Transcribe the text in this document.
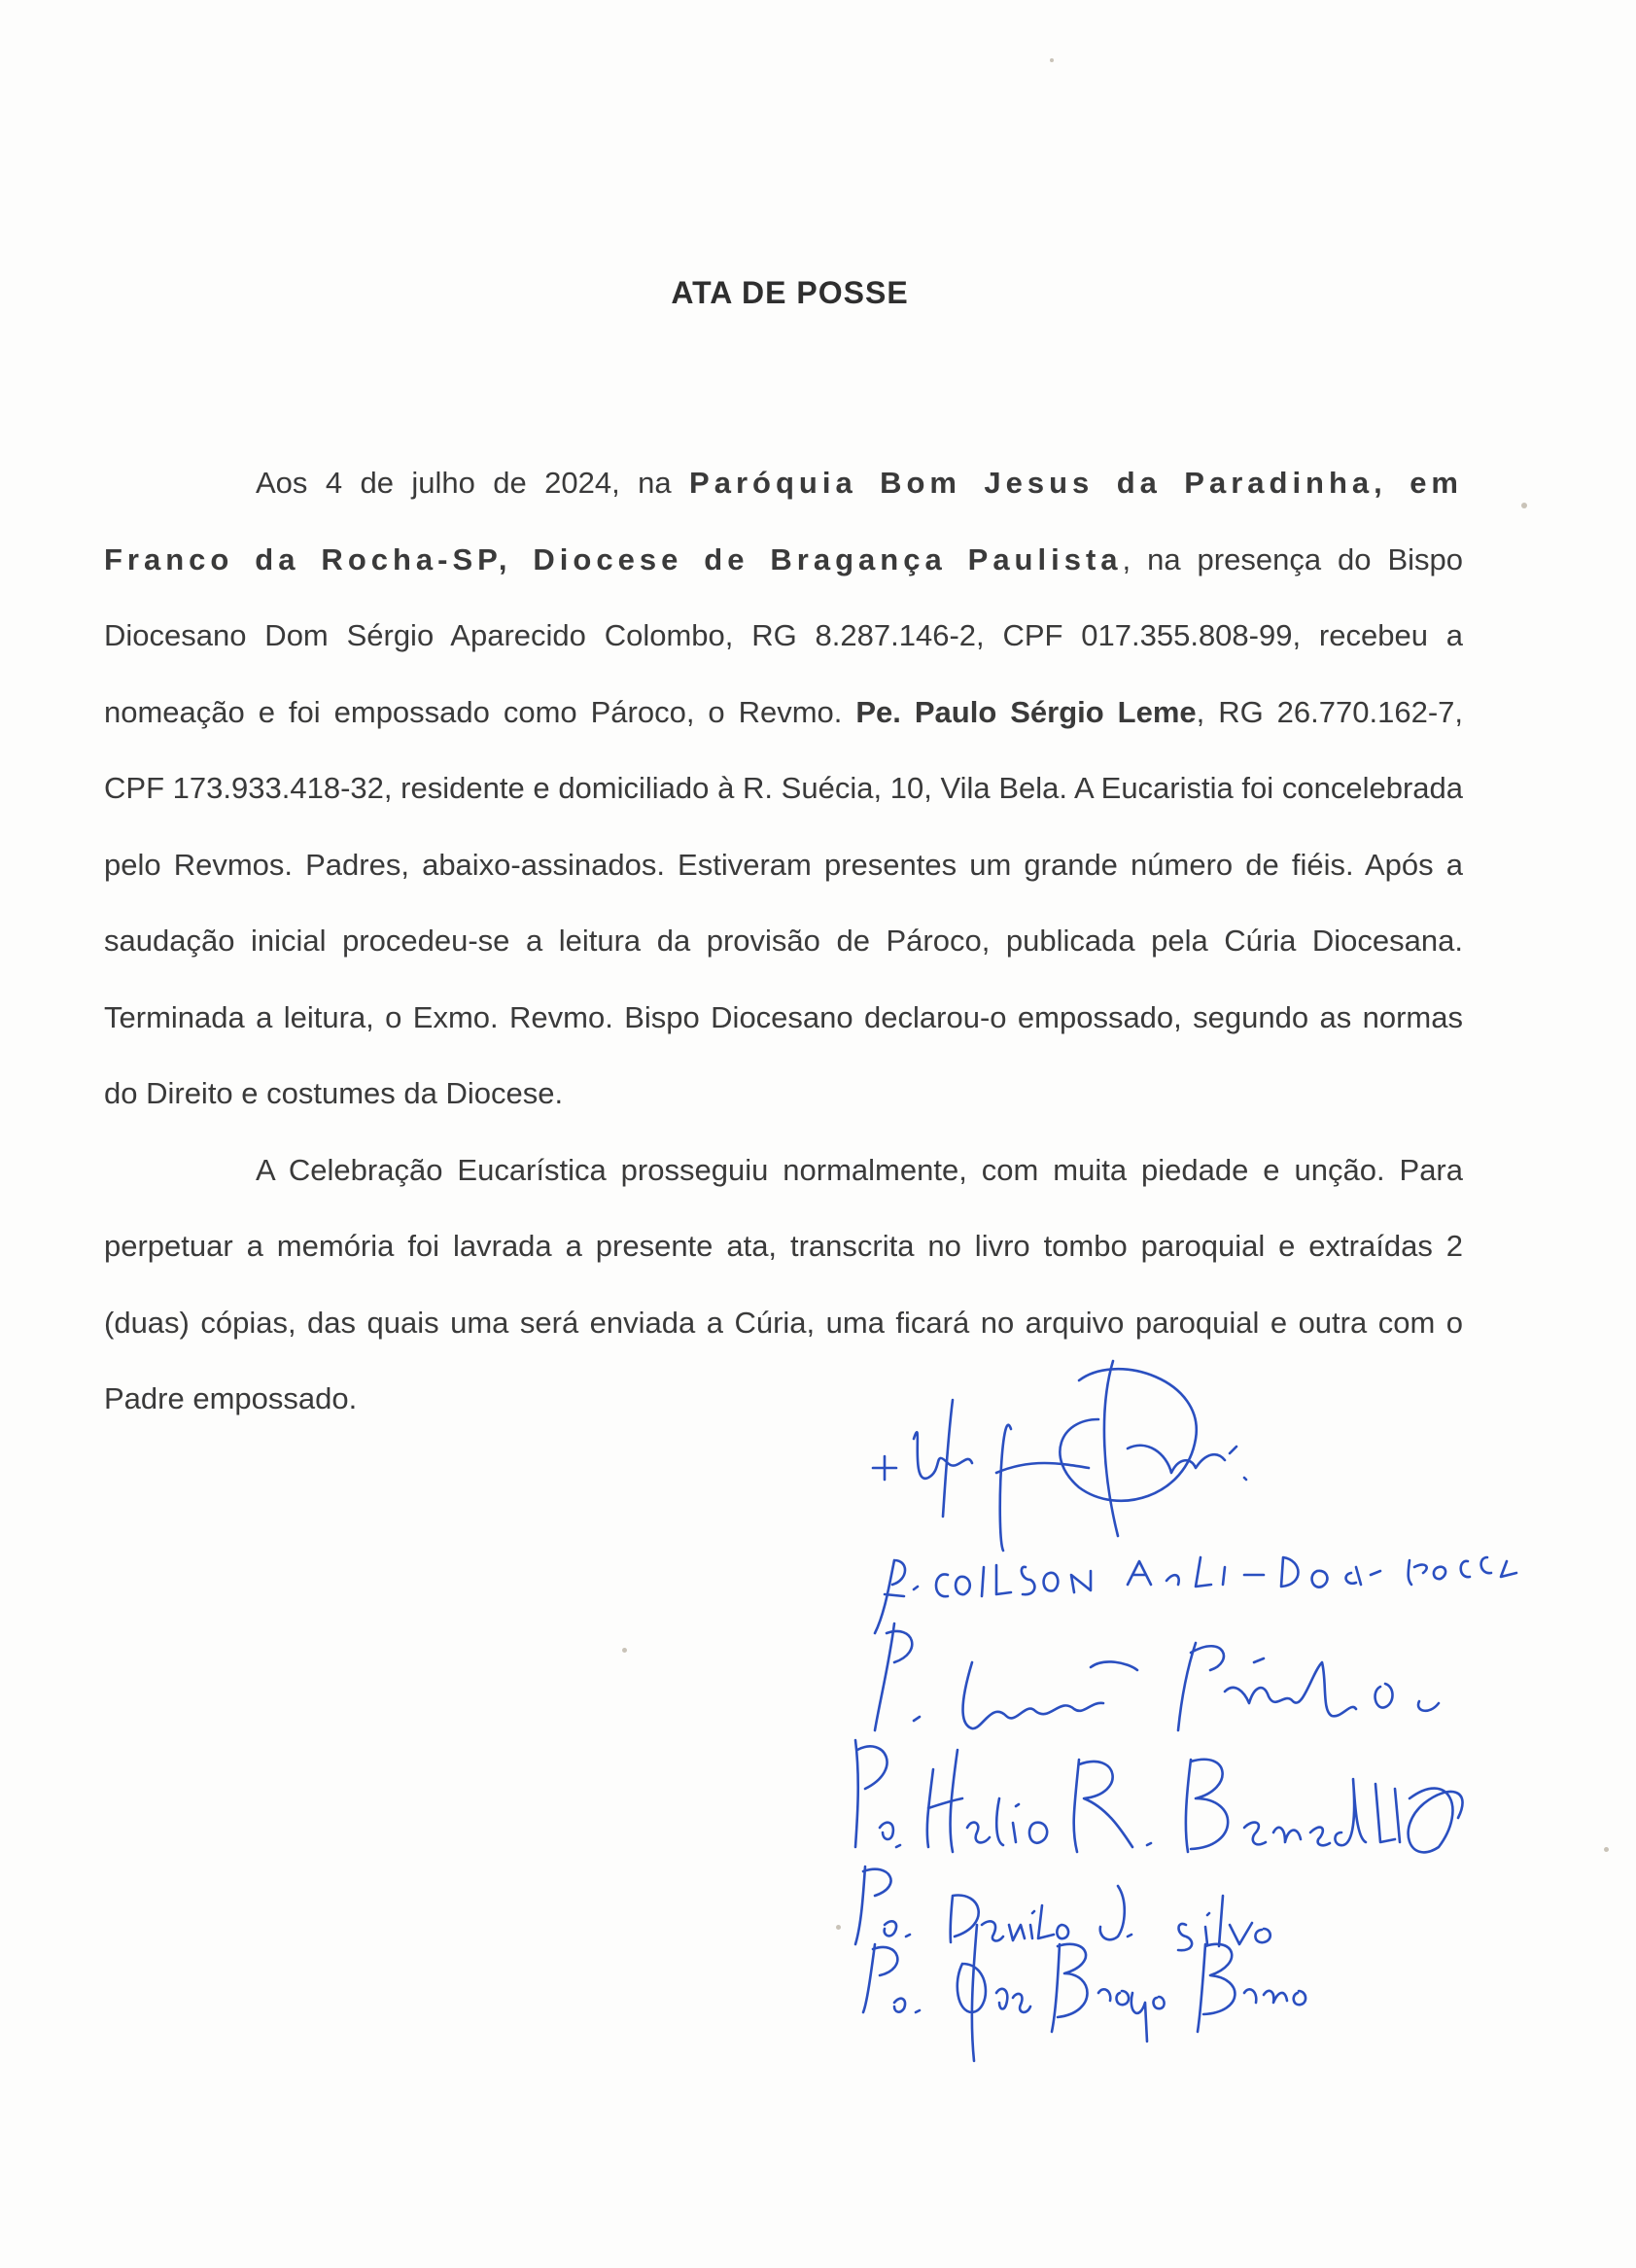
ATA DE POSSE

Aos 4 de julho de 2024, na Paróquia Bom Jesus da Paradinha, em Franco da Rocha-SP, Diocese de Bragança Paulista, na presença do Bispo Diocesano Dom Sérgio Aparecido Colombo, RG 8.287.146-2, CPF 017.355.808-99, recebeu a nomeação e foi empossado como Pároco, o Revmo. Pe. Paulo Sérgio Leme, RG 26.770.162-7, CPF 173.933.418-32, residente e domiciliado à R. Suécia, 10, Vila Bela. A Eucaristia foi concelebrada pelo Revmos. Padres, abaixo-assinados. Estiveram presentes um grande número de fiéis. Após a saudação inicial procedeu-se a leitura da provisão de Pároco, publicada pela Cúria Diocesana. Terminada a leitura, o Exmo. Revmo. Bispo Diocesano declarou-o empossado, segundo as normas do Direito e costumes da Diocese.

A Celebração Eucarística prosseguiu normalmente, com muita piedade e unção. Para perpetuar a memória foi lavrada a presente ata, transcrita no livro tombo paroquial e extraídas 2 (duas) cópias, das quais uma será enviada a Cúria, uma ficará no arquivo paroquial e outra com o Padre empossado.
